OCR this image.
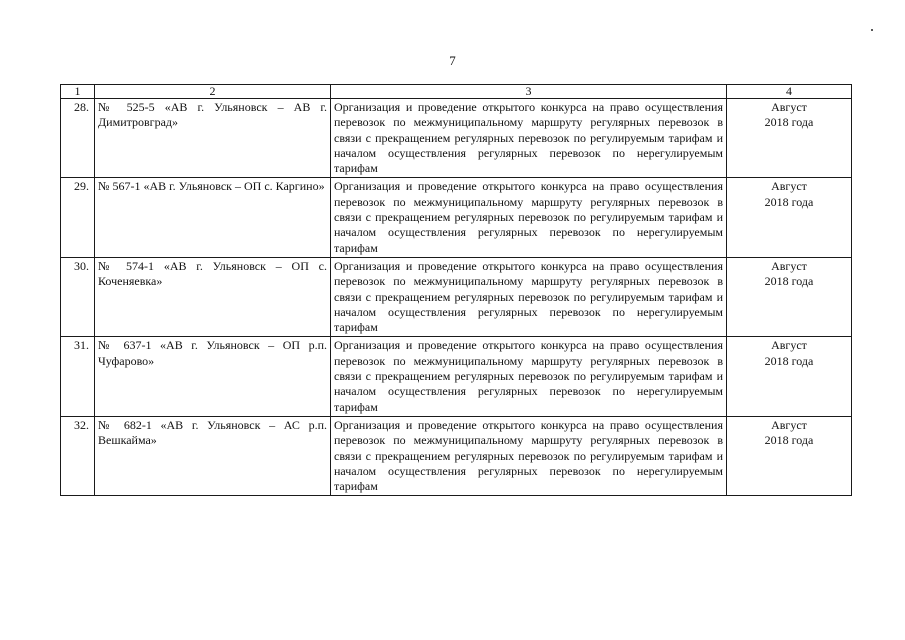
7
1	2	3	4
28.	№ 525-5 «АВ г. Ульяновск – АВ г. Димитровград»	Организация и проведение открытого конкурса на право осуществления перевозок по межмуниципальному маршруту регулярных перевозок в связи с прекращением регулярных перевозок по регулируемым тарифам и началом осуществления регулярных перевозок по нерегулируемым тарифам	Август
2018 года

29.	№ 567-1 «АВ г. Ульяновск – ОП с. Каргино»	Организация и проведение открытого конкурса на право осуществления перевозок по межмуниципальному маршруту регулярных перевозок в связи с прекращением регулярных перевозок по регулируемым тарифам и началом осуществления регулярных перевозок по нерегулируемым тарифам	Август
2018 года

30.	№ 574-1 «АВ г. Ульяновск – ОП с. Коченяевка»	Организация и проведение открытого конкурса на право осуществления перевозок по межмуниципальному маршруту регулярных перевозок в связи с прекращением регулярных перевозок по регулируемым тарифам и началом осуществления регулярных перевозок по нерегулируемым тарифам	Август
2018 года

31.	№ 637-1 «АВ г. Ульяновск – ОП р.п. Чуфарово»	Организация и проведение открытого конкурса на право осуществления перевозок по межмуниципальному маршруту регулярных перевозок в связи с прекращением регулярных перевозок по регулируемым тарифам и началом осуществления регулярных перевозок по нерегулируемым тарифам	Август
2018 года

32.	№ 682-1 «АВ г. Ульяновск – АС р.п. Вешкайма»	Организация и проведение открытого конкурса на право осуществления перевозок по межмуниципальному маршруту регулярных перевозок в связи с прекращением регулярных перевозок по регулируемым тарифам и началом осуществления регулярных перевозок по нерегулируемым тарифам	Август
2018 года
